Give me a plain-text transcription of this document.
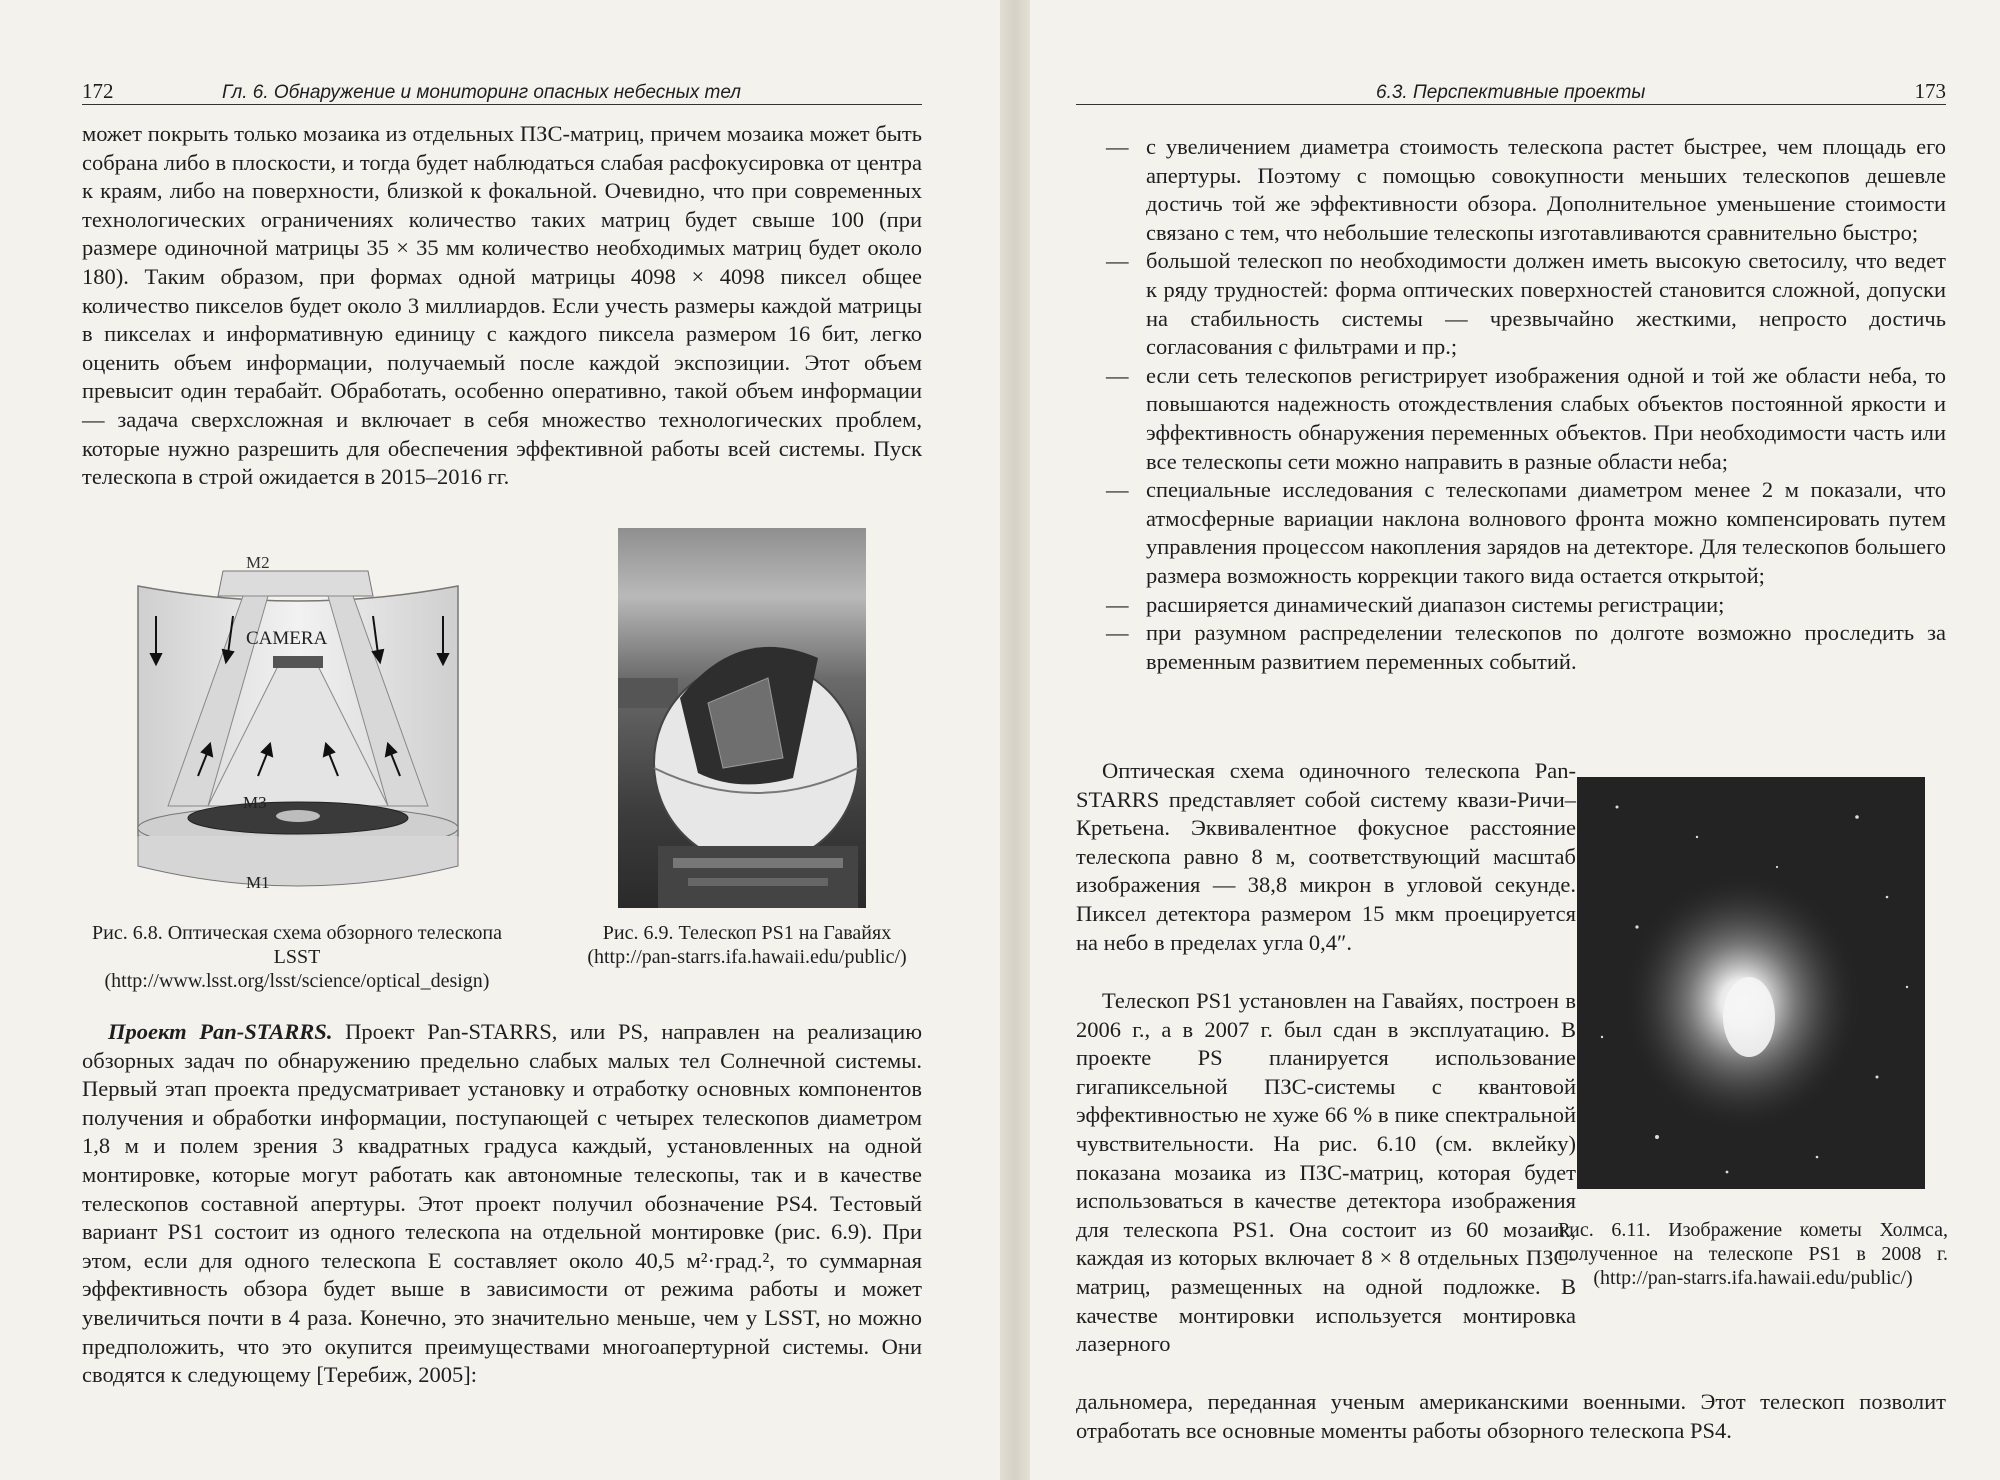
172	Гл. 6. Обнаружение и мониторинг опасных небесных тел

может покрыть только мозаика из отдельных ПЗС-матриц, причем мозаика может быть собрана либо в плоскости, и тогда будет наблюдаться слабая расфокусировка от центра к краям, либо на поверхности, близкой к фокальной. Очевидно, что при современных технологических ограничениях количество таких матриц будет свыше 100 (при размере одиночной матрицы 35 × 35 мм количество необходимых матриц будет около 180). Таким образом, при формах одной матрицы 4098 × 4098 пиксел общее количество пикселов будет около 3 миллиардов. Если учесть размеры каждой матрицы в пикселах и информативную единицу с каждого пиксела размером 16 бит, легко оценить объем информации, получаемый после каждой экспозиции. Этот объем превысит один терабайт. Обработать, особенно оперативно, такой объем информации — задача сверхсложная и включает в себя множество технологических проблем, которые нужно разрешить для обеспечения эффективной работы всей системы. Пуск телескопа в строй ожидается в 2015–2016 гг.

M2
CAMERA
M3
M1
Рис. 6.8. Оптическая схема обзорного телескопа LSST (http://www.lsst.org/lsst/science/optical_design)
Рис. 6.9. Телескоп PS1 на Гавайях (http://pan-starrs.ifa.hawaii.edu/public/)

Проект Pan-STARRS. Проект Pan-STARRS, или PS, направлен на реализацию обзорных задач по обнаружению предельно слабых малых тел Солнечной системы. Первый этап проекта предусматривает установку и отработку основных компонентов получения и обработки информации, поступающей с четырех телескопов диаметром 1,8 м и полем зрения 3 квадратных градуса каждый, установленных на одной монтировке, которые могут работать как автономные телескопы, так и в качестве телескопов составной апертуры. Этот проект получил обозначение PS4. Тестовый вариант PS1 состоит из одного телескопа на отдельной монтировке (рис. 6.9). При этом, если для одного телескопа E составляет около 40,5 м²·град.², то суммарная эффективность обзора будет выше в зависимости от режима работы и может увеличиться почти в 4 раза. Конечно, это значительно меньше, чем у LSST, но можно предположить, что это окупится преимуществами многоапертурной системы. Они сводятся к следующему [Теребиж, 2005]:

6.3. Перспективные проекты	173
— с увеличением диаметра стоимость телескопа растет быстрее, чем площадь его апертуры. Поэтому с помощью совокупности меньших телескопов дешевле достичь той же эффективности обзора. Дополнительное уменьшение стоимости связано с тем, что небольшие телескопы изготавливаются сравнительно быстро;
— большой телескоп по необходимости должен иметь высокую светосилу, что ведет к ряду трудностей: форма оптических поверхностей становится сложной, допуски на стабильность системы — чрезвычайно жесткими, непросто достичь согласования с фильтрами и пр.;
— если сеть телескопов регистрирует изображения одной и той же области неба, то повышаются надежность отождествления слабых объектов постоянной яркости и эффективность обнаружения переменных объектов. При необходимости часть или все телескопы сети можно направить в разные области неба;
— специальные исследования с телескопами диаметром менее 2 м показали, что атмосферные вариации наклона волнового фронта можно компенсировать путем управления процессом накопления зарядов на детекторе. Для телескопов большего размера возможность коррекции такого вида остается открытой;
— расширяется динамический диапазон системы регистрации;
— при разумном распределении телескопов по долготе возможно проследить за временным развитием переменных событий.

Оптическая схема одиночного телескопа Pan-STARRS представляет собой систему квази-Ричи–Кретьена. Эквивалентное фокусное расстояние телескопа равно 8 м, соответствующий масштаб изображения — 38,8 микрон в угловой секунде. Пиксел детектора размером 15 мкм проецируется на небо в пределах угла 0,4″.

Телескоп PS1 установлен на Гавайях, построен в 2006 г., а в 2007 г. был сдан в эксплуатацию. В проекте PS планируется использование гигапиксельной ПЗС-системы с квантовой эффективностью не хуже 66 % в пике спектральной чувствительности. На рис. 6.10 (см. вклейку) показана мозаика из ПЗС-матриц, которая будет использоваться в качестве детектора изображения для телескопа PS1. Она состоит из 60 мозаик, каждая из которых включает 8 × 8 отдельных ПЗС-матриц, размещенных на одной подложке. В качестве монтировки используется монтировка лазерного

дальномера, переданная ученым американскими военными. Этот телескоп позволит отработать все основные моменты работы обзорного телескопа PS4.

Рис. 6.11. Изображение кометы Холмса, полученное на телескопе PS1 в 2008 г. (http://pan-starrs.ifa.hawaii.edu/public/)
